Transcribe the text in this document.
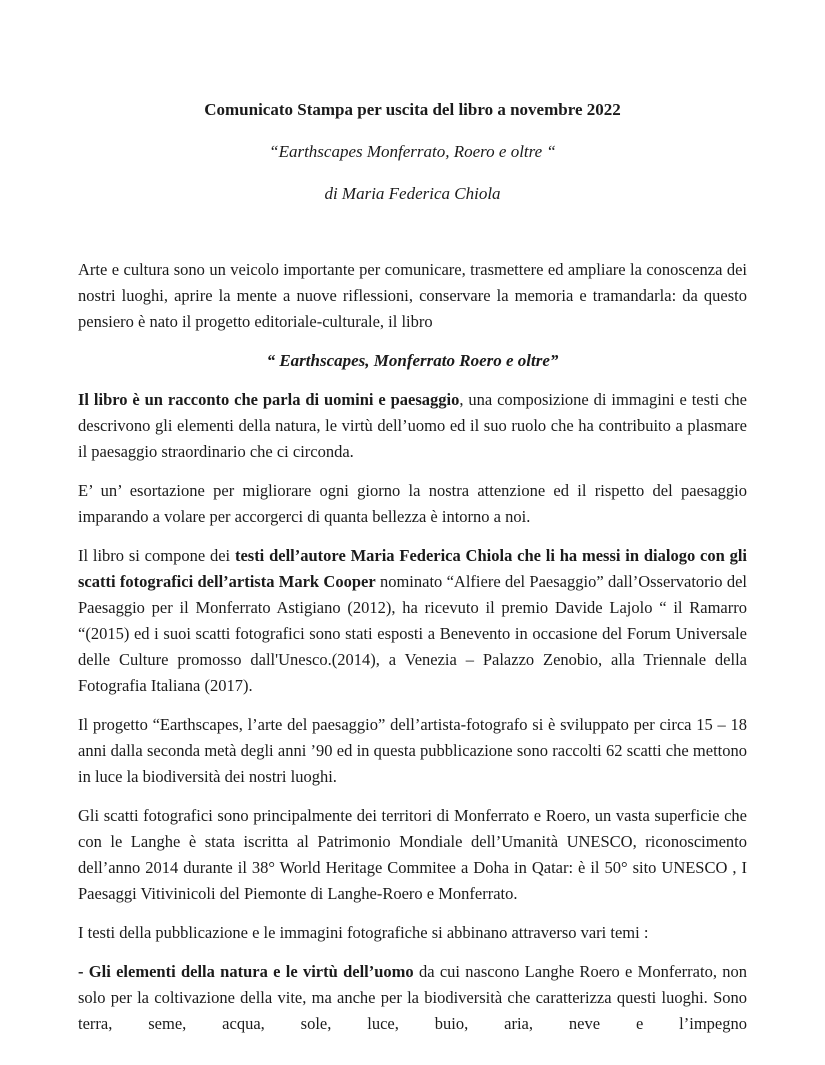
Comunicato Stampa per uscita del libro a novembre 2022
“Earthscapes Monferrato, Roero e oltre “
di Maria Federica Chiola

Arte e cultura sono un veicolo importante per comunicare, trasmettere ed ampliare la conoscenza dei nostri luoghi, aprire la mente a nuove riflessioni, conservare la memoria e tramandarla: da questo pensiero è nato il progetto editoriale-culturale, il libro

“ Earthscapes, Monferrato Roero e oltre”

Il libro è un racconto che parla di uomini e paesaggio, una composizione di immagini e testi che descrivono gli elementi della natura, le virtù dell’uomo ed il suo ruolo che ha contribuito a plasmare il paesaggio straordinario che ci circonda.

E’ un’ esortazione per migliorare ogni giorno la nostra attenzione ed il rispetto del paesaggio imparando a volare per accorgerci di quanta bellezza è intorno a noi.

Il libro si compone dei testi dell’autore Maria Federica Chiola che li ha messi in dialogo con gli scatti fotografici dell’artista Mark Cooper nominato “Alfiere del Paesaggio” dall’Osservatorio del Paesaggio per il Monferrato Astigiano (2012), ha ricevuto il premio Davide Lajolo “ il Ramarro “(2015) ed i suoi scatti fotografici sono stati esposti a Benevento in occasione del Forum Universale delle Culture promosso dall'Unesco.(2014), a Venezia – Palazzo Zenobio, alla Triennale della Fotografia Italiana (2017).

Il progetto “Earthscapes, l’arte del paesaggio” dell’artista-fotografo si è sviluppato per circa 15 – 18 anni dalla seconda metà degli anni ’90 ed in questa pubblicazione sono raccolti 62 scatti che mettono in luce la biodiversità dei nostri luoghi.

Gli scatti fotografici sono principalmente dei territori di Monferrato e Roero, un vasta superficie che con le Langhe è stata iscritta al Patrimonio Mondiale dell’Umanità UNESCO, riconoscimento dell’anno 2014 durante il 38° World Heritage Commitee a Doha in Qatar: è il 50° sito UNESCO , I Paesaggi Vitivinicoli del Piemonte di Langhe-Roero e Monferrato.

I testi della pubblicazione e le immagini fotografiche si abbinano attraverso vari temi :

- Gli elementi della natura e le virtù dell’uomo da cui nascono Langhe Roero e Monferrato, non solo per la coltivazione della vite, ma anche per la biodiversità che caratterizza questi luoghi. Sono terra, seme, acqua, sole, luce, buio, aria, neve e l’impegno
